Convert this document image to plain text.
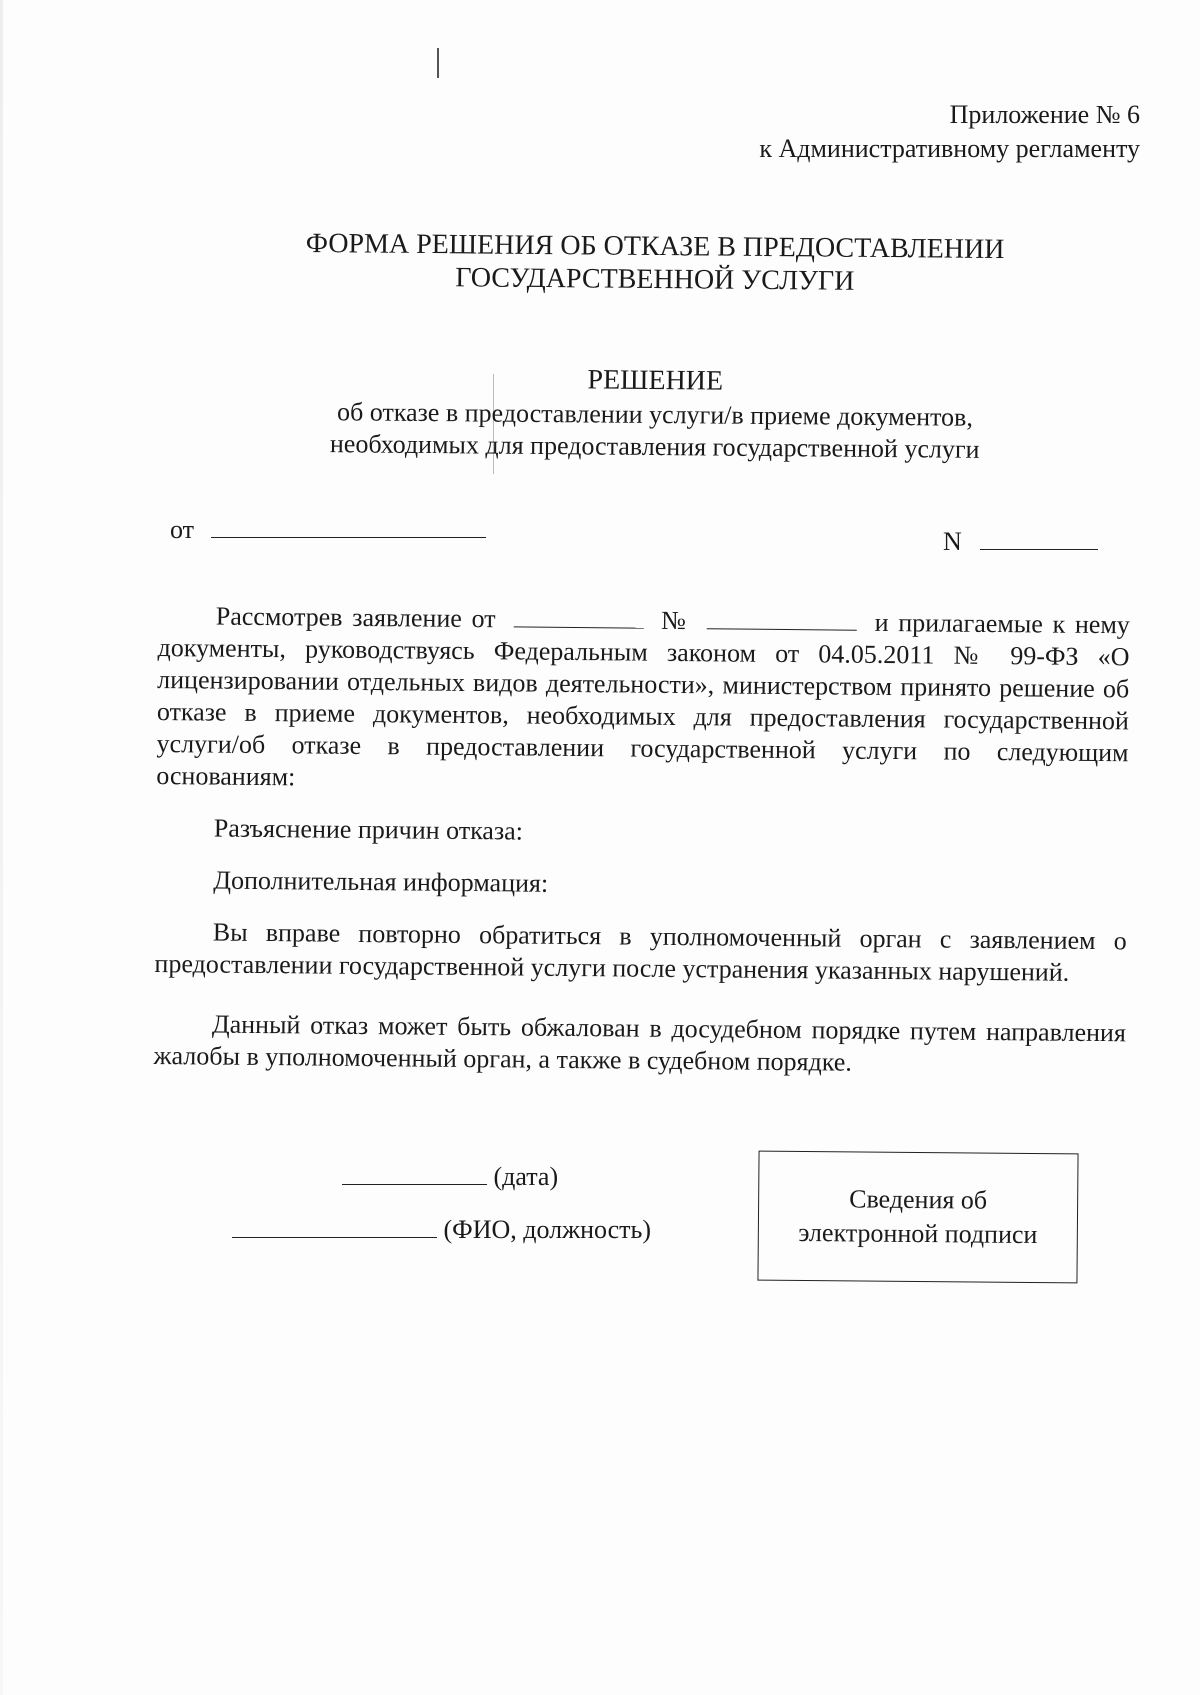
Приложение № 6
к Административному регламенту
ФОРМА РЕШЕНИЯ ОБ ОТКАЗЕ В ПРЕДОСТАВЛЕНИИ
ГОСУДАРСТВЕННОЙ УСЛУГИ
РЕШЕНИЕ
об отказе в предоставлении услуги/в приеме документов,
необходимых для предоставления государственной услуги
от	N

Рассмотрев заявление от	№	и прилагаемые к нему документы, руководствуясь Федеральным законом от 04.05.2011 № 99-ФЗ «О лицензировании отдельных видов деятельности», министерством принято решение об отказе в приеме документов, необходимых для предоставления государственной услуги/об отказе в предоставлении государственной услуги по следующим основаниям:

Разъяснение причин отказа:

Дополнительная информация:

Вы вправе повторно обратиться в уполномоченный орган с заявлением о предоставлении государственной услуги после устранения указанных нарушений.

Данный отказ может быть обжалован в досудебном порядке путем направления жалобы в уполномоченный орган, а также в судебном порядке.

(дата)
(ФИО, должность)
Сведения об
электронной подписи
